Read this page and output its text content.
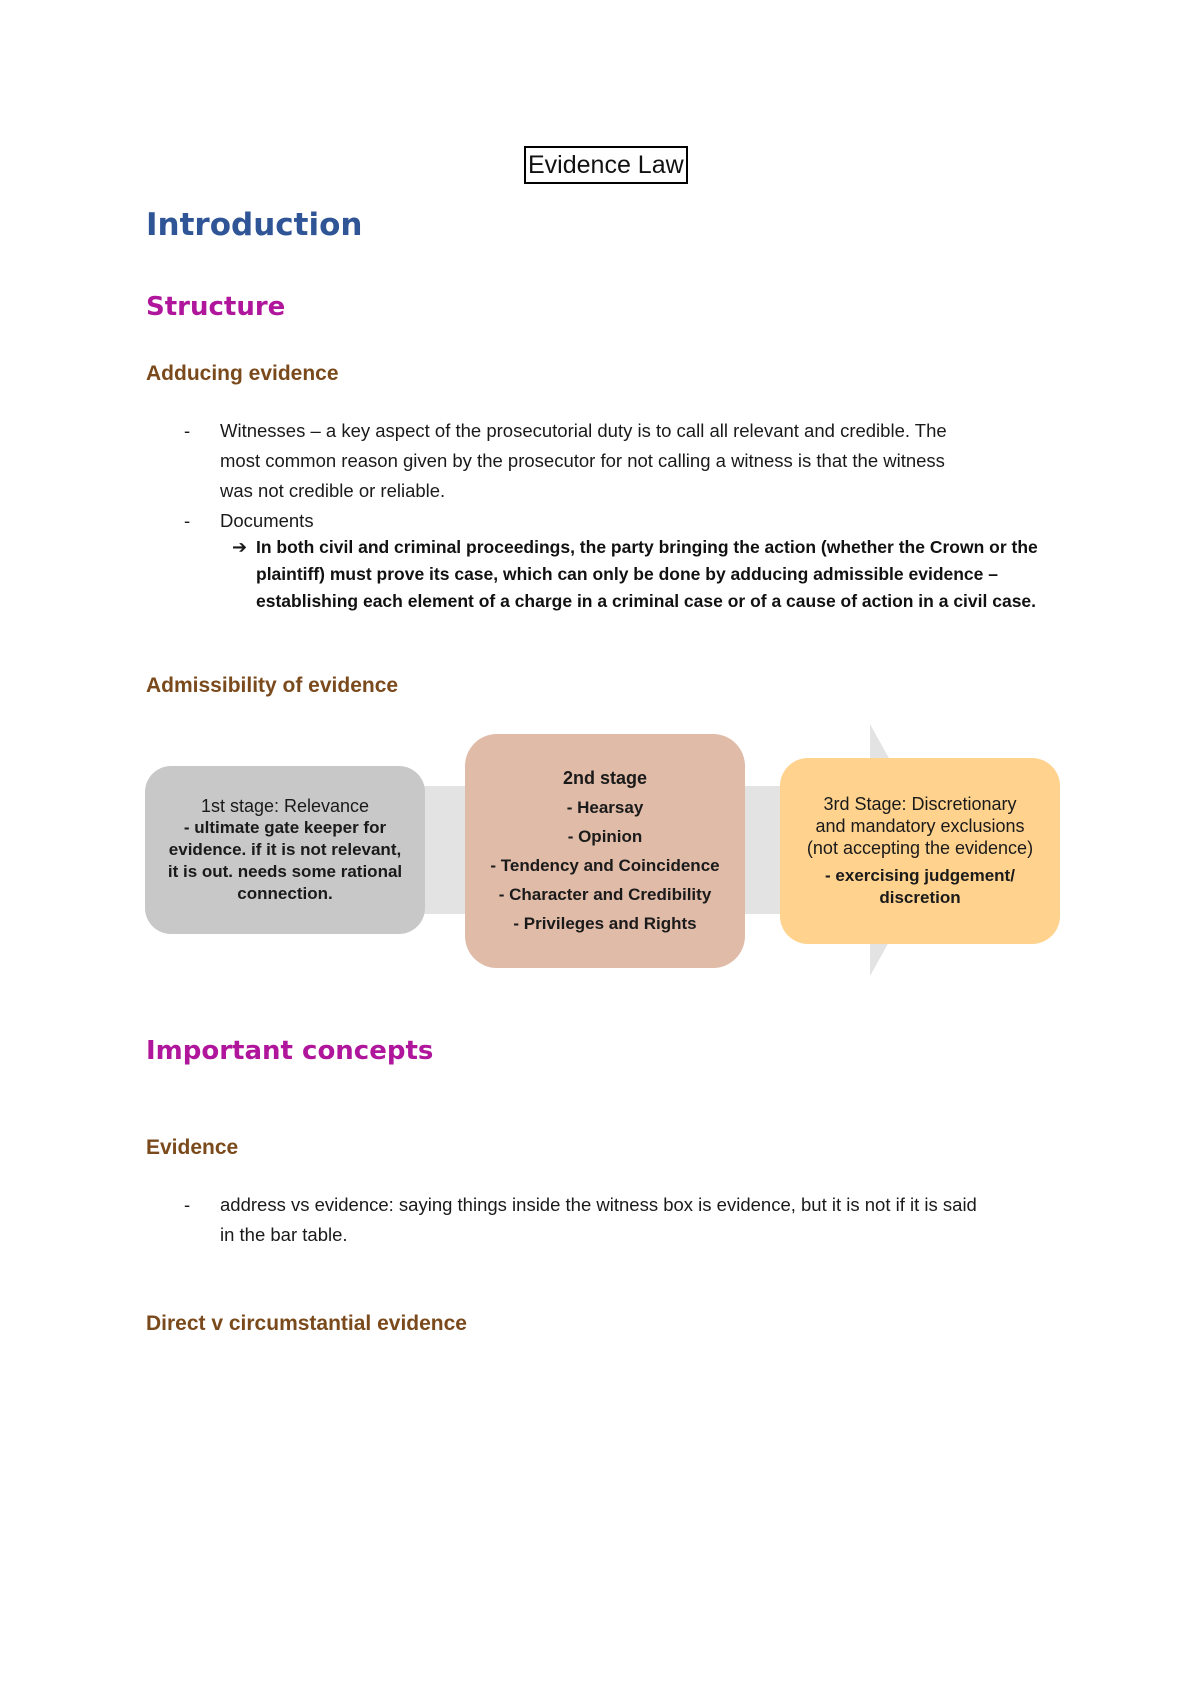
Evidence Law
Introduction
Structure
Adducing evidence
- Witnesses – a key aspect of the prosecutorial duty is to call all relevant and credible. The
most common reason given by the prosecutor for not calling a witness is that the witness
was not credible or reliable.
- Documents
➔ In both civil and criminal proceedings, the party bringing the action (whether the Crown or the
plaintiff) must prove its case, which can only be done by adducing admissible evidence –
establishing each element of a charge in a criminal case or of a cause of action in a civil case.
Admissibility of evidence
1st stage: Relevance
- ultimate gate keeper for
evidence. if it is not relevant,
it is out. needs some rational
connection.
2nd stage
- Hearsay
- Opinion
- Tendency and Coincidence
- Character and Credibility
- Privileges and Rights
3rd Stage: Discretionary
and mandatory exclusions
(not accepting the evidence)
- exercising judgement/
discretion
Important concepts
Evidence
- address vs evidence: saying things inside the witness box is evidence, but it is not if it is said
in the bar table.
Direct v circumstantial evidence
